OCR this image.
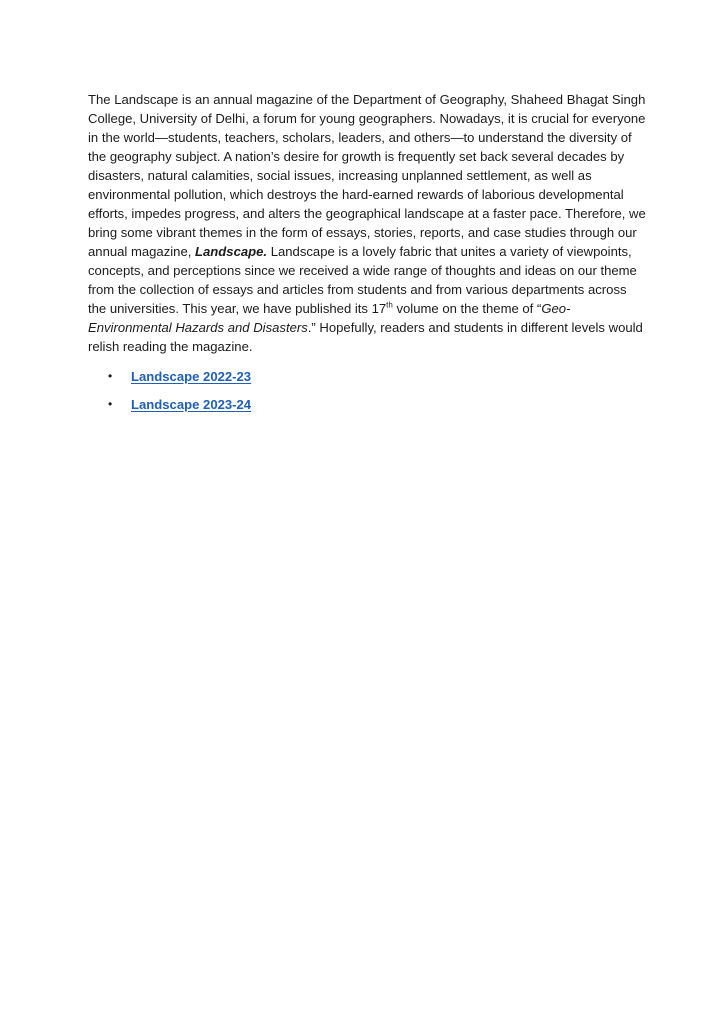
The Landscape is an annual magazine of the Department of Geography, Shaheed Bhagat Singh College, University of Delhi, a forum for young geographers. Nowadays, it is crucial for everyone in the world—students, teachers, scholars, leaders, and others—to understand the diversity of the geography subject. A nation’s desire for growth is frequently set back several decades by disasters, natural calamities, social issues, increasing unplanned settlement, as well as environmental pollution, which destroys the hard-earned rewards of laborious developmental efforts, impedes progress, and alters the geographical landscape at a faster pace. Therefore, we bring some vibrant themes in the form of essays, stories, reports, and case studies through our annual magazine, Landscape. Landscape is a lovely fabric that unites a variety of viewpoints, concepts, and perceptions since we received a wide range of thoughts and ideas on our theme from the collection of essays and articles from students and from various departments across the universities. This year, we have published its 17th volume on the theme of “Geo-Environmental Hazards and Disasters.” Hopefully, readers and students in different levels would relish reading the magazine.

• Landscape 2022-23
• Landscape 2023-24
